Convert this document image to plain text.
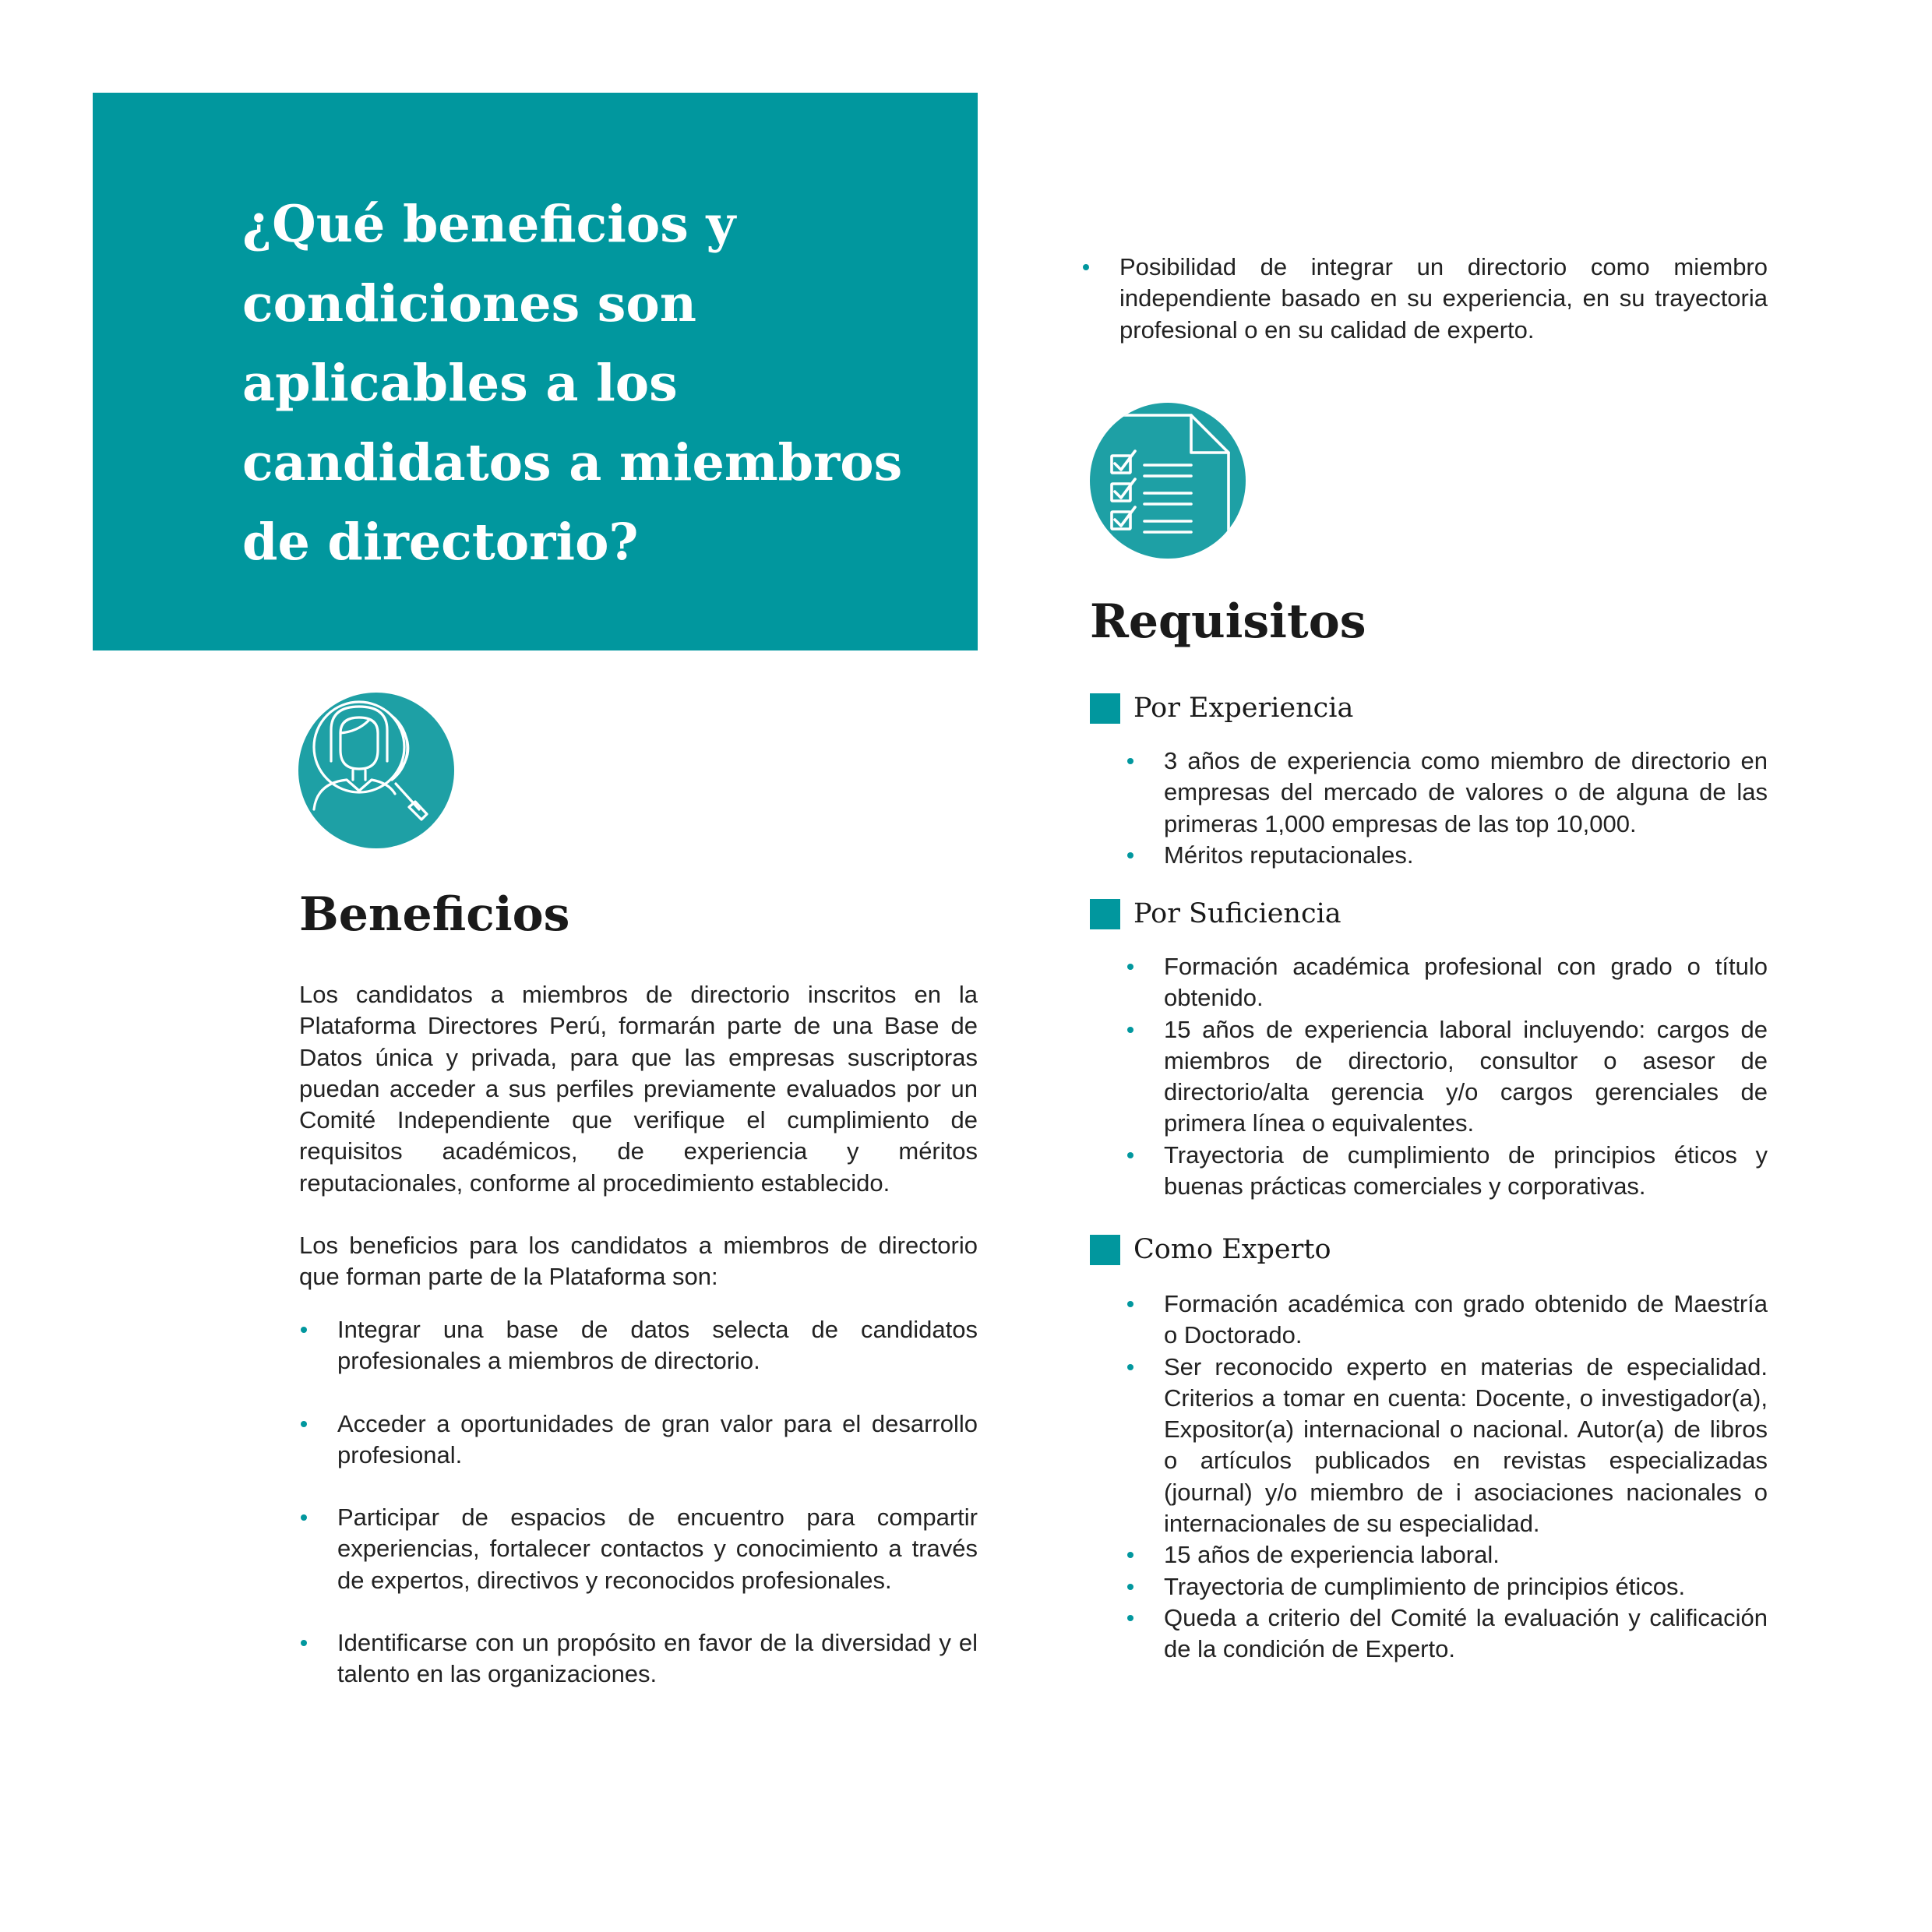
¿Qué beneficios y condiciones son aplicables a los candidatos a miembros de directorio?
Beneficios

Los candidatos a miembros de directorio inscritos en la Plataforma Directores Perú, formarán parte de una Base de Datos única y privada, para que las empresas suscriptoras puedan acceder a sus perfiles previamente evaluados por un Comité Independiente que verifique el cumplimiento de requisitos académicos, de experiencia y méritos reputacionales, conforme al procedimiento establecido.

Los beneficios para los candidatos a miembros de directorio que forman parte de la Plataforma son:

Integrar una base de datos selecta de candidatos profesionales a miembros de directorio.
Acceder a oportunidades de gran valor para el desarrollo profesional.
Participar de espacios de encuentro para compartir experiencias, fortalecer contactos y conocimiento a través de expertos, directivos y reconocidos profesionales.
Identificarse con un propósito en favor de la diversidad y el talento en las organizaciones.
Posibilidad de integrar un directorio como miembro independiente basado en su experiencia, en su trayectoria profesional o en su calidad de experto.
Requisitos
Por Experiencia
3 años de experiencia como miembro de directorio en empresas del mercado de valores o de alguna de las primeras 1,000 empresas de las top 10,000.
Méritos reputacionales.
Por Suficiencia
Formación académica profesional con grado o título obtenido.
15 años de experiencia laboral incluyendo: cargos de miembros de directorio, consultor o asesor de directorio/alta gerencia y/o cargos gerenciales de primera línea o equivalentes.
Trayectoria de cumplimiento de principios éticos y buenas prácticas comerciales y corporativas.
Como Experto
Formación académica con grado obtenido de Maestría o Doctorado.
Ser reconocido experto en materias de especialidad. Criterios a tomar en cuenta: Docente, o investigador(a), Expositor(a) internacional o nacional. Autor(a) de libros o artículos publicados en revistas especializadas (journal) y/o miembro de i asociaciones nacionales o internacionales de su especialidad.
15 años de experiencia laboral.
Trayectoria de cumplimiento de principios éticos.
Queda a criterio del Comité la evaluación y calificación de la condición de Experto.
